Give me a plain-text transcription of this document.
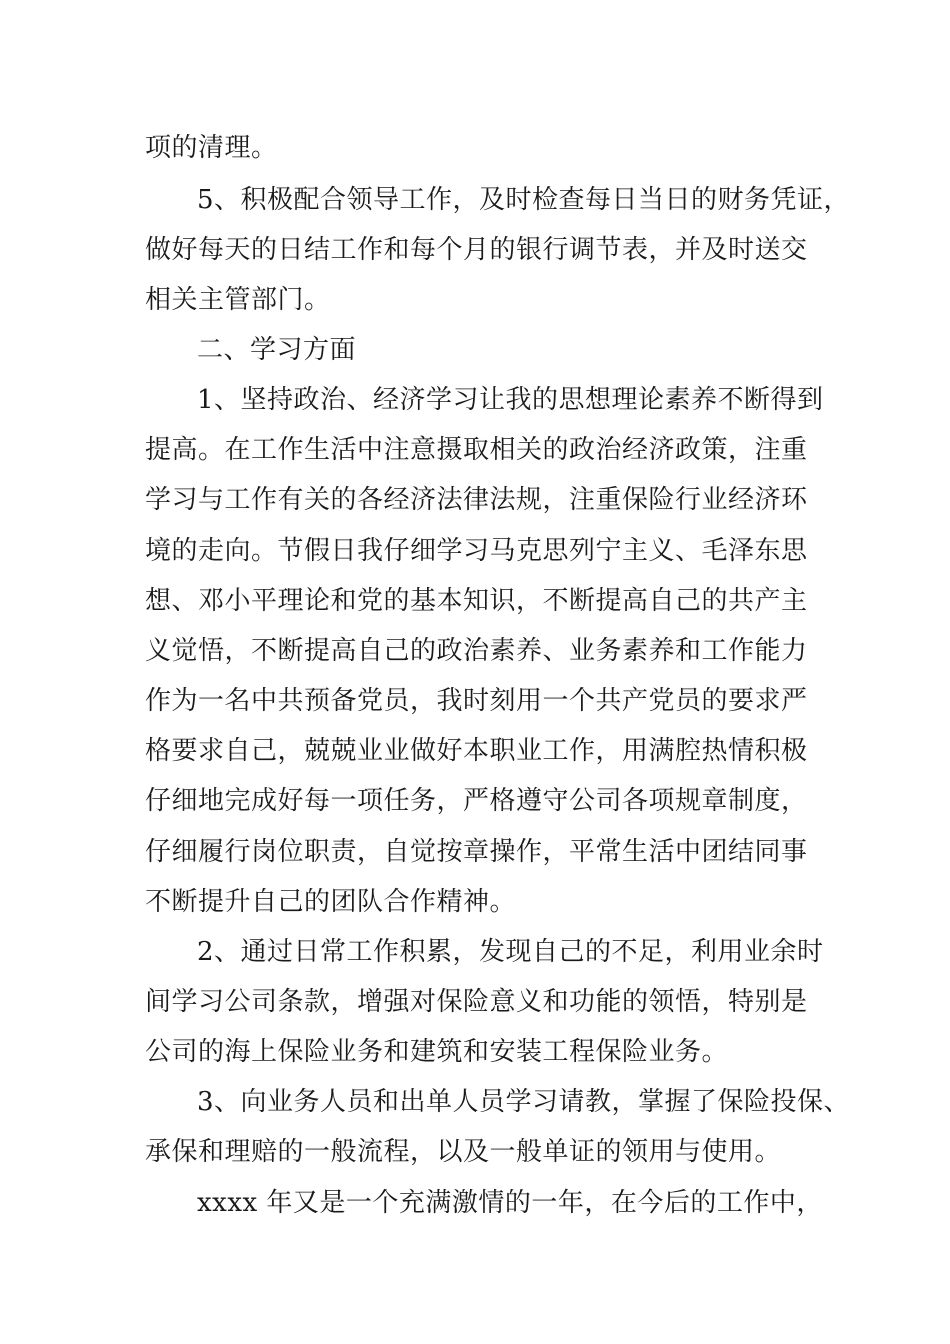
项的清理。
5、积极配合领导工作，及时检查每日当日的财务凭证，
做好每天的日结工作和每个月的银行调节表，并及时送交
相关主管部门。
二、学习方面
1、坚持政治、经济学习让我的思想理论素养不断得到
提高。在工作生活中注意摄取相关的政治经济政策，注重
学习与工作有关的各经济法律法规，注重保险行业经济环
境的走向。节假日我仔细学习马克思列宁主义、毛泽东思
想、邓小平理论和党的基本知识，不断提高自己的共产主
义觉悟，不断提高自己的政治素养、业务素养和工作能力
作为一名中共预备党员，我时刻用一个共产党员的要求严
格要求自己，兢兢业业做好本职业工作，用满腔热情积极
仔细地完成好每一项任务，严格遵守公司各项规章制度，
仔细履行岗位职责，自觉按章操作，平常生活中团结同事
不断提升自己的团队合作精神。
2、通过日常工作积累，发现自己的不足，利用业余时
间学习公司条款，增强对保险意义和功能的领悟，特别是
公司的海上保险业务和建筑和安装工程保险业务。
3、向业务人员和出单人员学习请教，掌握了保险投保、
承保和理赔的一般流程，以及一般单证的领用与使用。
xxxx 年又是一个充满激情的一年，在今后的工作中，
